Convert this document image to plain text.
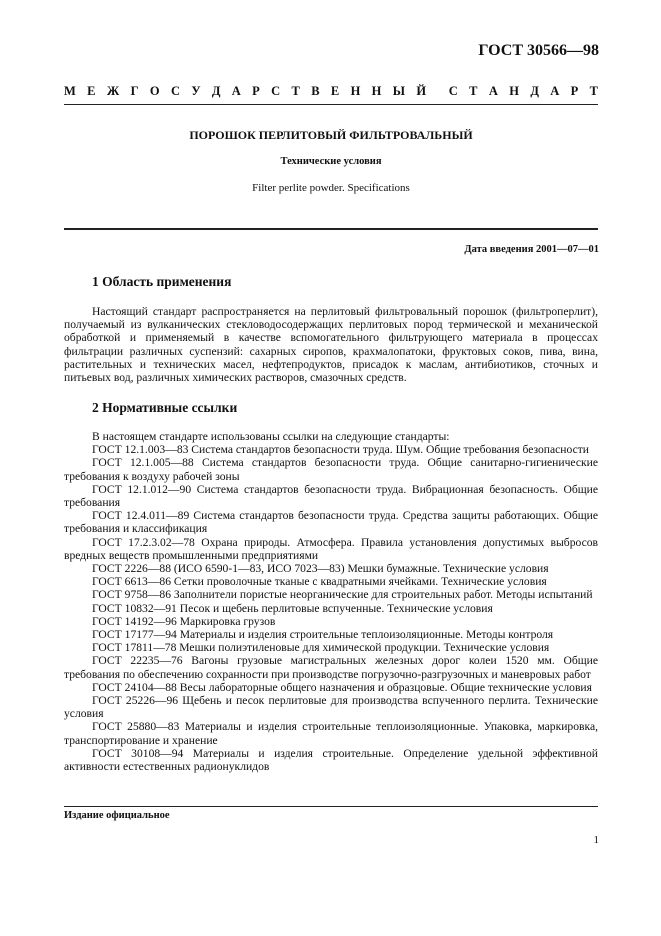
ГОСТ 30566—98
М Е Ж Г О С У Д А Р С Т В Е Н Н Ы Й С Т А Н Д А Р Т
ПОРОШОК ПЕРЛИТОВЫЙ ФИЛЬТРОВАЛЬНЫЙ
Технические условия
Filter perlite powder. Specifications
Дата введения 2001—07—01
1 Область применения
Настоящий стандарт распространяется на перлитовый фильтровальный порошок (фильтроперлит), получаемый из вулканических стекловодосодержащих перлитовых пород термической и механической обработкой и применяемый в качестве вспомогательного фильтрующего материала в процессах фильтрации различных суспензий: сахарных сиропов, крахмалопатоки, фруктовых соков, пива, вина, растительных и технических масел, нефтепродуктов, присадок к маслам, антибиотиков, сточных и питьевых вод, различных химических растворов, смазочных средств.
2 Нормативные ссылки

В настоящем стандарте использованы ссылки на следующие стандарты:

ГОСТ 12.1.003—83 Система стандартов безопасности труда. Шум. Общие требования безопасности

ГОСТ 12.1.005—88 Система стандартов безопасности труда. Общие санитарно-гигиенические требования к воздуху рабочей зоны

ГОСТ 12.1.012—90 Система стандартов безопасности труда. Вибрационная безопасность. Общие требования

ГОСТ 12.4.011—89 Система стандартов безопасности труда. Средства защиты работающих. Общие требования и классификация

ГОСТ 17.2.3.02—78 Охрана природы. Атмосфера. Правила установления допустимых выбросов вредных веществ промышленными предприятиями

ГОСТ 2226—88 (ИСО 6590-1—83, ИСО 7023—83) Мешки бумажные. Технические условия

ГОСТ 6613—86 Сетки проволочные тканые с квадратными ячейками. Технические условия

ГОСТ 9758—86 Заполнители пористые неорганические для строительных работ. Методы испытаний

ГОСТ 10832—91 Песок и щебень перлитовые вспученные. Технические условия

ГОСТ 14192—96 Маркировка грузов

ГОСТ 17177—94 Материалы и изделия строительные теплоизоляционные. Методы контроля

ГОСТ 17811—78 Мешки полиэтиленовые для химической продукции. Технические условия

ГОСТ 22235—76 Вагоны грузовые магистральных железных дорог колеи 1520 мм. Общие требования по обеспечению сохранности при производстве погрузочно-разгрузочных и маневровых работ

ГОСТ 24104—88 Весы лабораторные общего назначения и образцовые. Общие технические условия

ГОСТ 25226—96 Щебень и песок перлитовые для производства вспученного перлита. Технические условия

ГОСТ 25880—83 Материалы и изделия строительные теплоизоляционные. Упаковка, маркировка, транспортирование и хранение

ГОСТ 30108—94 Материалы и изделия строительные. Определение удельной эффективной активности естественных радионуклидов

Издание официальное
1
